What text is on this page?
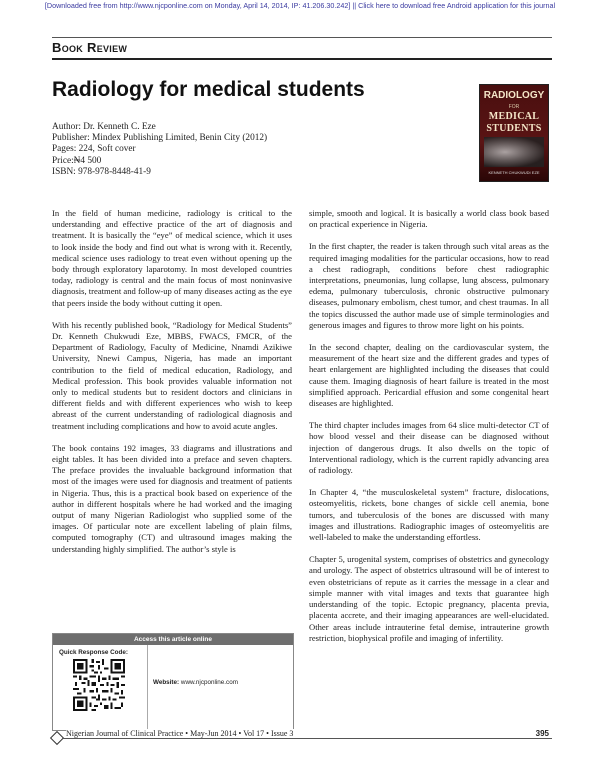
[Downloaded free from http://www.njcponline.com on Monday, April 14, 2014, IP: 41.206.30.242] || Click here to download free Android application for this journal
Book Review
Radiology for medical students	RADIOLOGY
FOR
MEDICAL
STUDENTS
KENNETH CHUKWUDI EZE
Author: Dr. Kenneth C. Eze
Publisher: Mindex Publishing Limited, Benin City (2012)
Pages: 224, Soft cover
Price:₦4 500
ISBN: 978-978-8448-41-9

In the field of human medicine, radiology is critical to the understanding and effective practice of the art of diagnosis and treatment. It is basically the “eye” of medical science, which it uses to look inside the body and find out what is wrong with it. Recently, medical science uses radiology to treat even without opening up the body through exploratory laparotomy. In most developed countries today, radiology is central and the main focus of most noninvasive diagnosis, treatment and follow-up of many diseases acting as the eye that peers inside the body without cutting it open.

With his recently published book, “Radiology for Medical Students” Dr. Kenneth Chukwudi Eze, MBBS, FWACS, FMCR, of the Department of Radiology, Faculty of Medicine, Nnamdi Azikiwe University, Nnewi Campus, Nigeria, has made an important contribution to the field of medical education, Radiology, and Medical profession. This book provides valuable information not only to medical students but to resident doctors and clinicians in different fields and with different experiences who wish to keep abreast of the current understanding of radiological diagnosis and treatment including complications and how to avoid acute angles.

The book contains 192 images, 33 diagrams and illustrations and eight tables. It has been divided into a preface and seven chapters. The preface provides the invaluable background information that most of the images were used for diagnosis and treatment of patients in Nigeria. Thus, this is a practical book based on experience of the author in different hospitals where he had worked and the imaging output of many Nigerian Radiologist who supplied some of the images. Of particular note are excellent labeling of plain films, computed tomography (CT) and ultrasound images making the understanding highly simplified. The author’s style is

simple, smooth and logical. It is basically a world class book based on practical experience in Nigeria.

In the first chapter, the reader is taken through such vital areas as the required imaging modalities for the particular occasions, how to read a chest radiograph, conditions before chest radiographic interpretations, pneumonias, lung collapse, lung abscess, pulmonary edema, pulmonary tuberculosis, chronic obstructive pulmonary diseases, pulmonary embolism, chest tumor, and chest traumas. In all the topics discussed the author made use of simple terminologies and generous images and figures to throw more light on his points.

In the second chapter, dealing on the cardiovascular system, the measurement of the heart size and the different grades and types of heart enlargement are highlighted including the diseases that could cause them. Imaging diagnosis of heart failure is treated in the most simplified approach. Pericardial effusion and some congenital heart diseases are highlighted.

The third chapter includes images from 64 slice multi-detector CT of how blood vessel and their disease can be diagnosed without injection of dangerous drugs. It also dwells on the topic of Interventional radiology, which is the current rapidly advancing area of radiology.

In Chapter 4, “the musculoskeletal system” fracture, dislocations, osteomyelitis, rickets, bone changes of sickle cell anemia, bone tumors, and tuberculosis of the bones are discussed with many images and illustrations. Radiographic images of osteomyelitis are well-labeled to make the understanding effortless.

Chapter 5, urogenital system, comprises of obstetrics and gynecology and urology. The aspect of obstetrics ultrasound will be of interest to even obstetricians of repute as it carries the message in a clear and simple manner with vital images and texts that guarantee high understanding of the topic. Ectopic pregnancy, placenta previa, placenta accrete, and their imaging appearances are well-elucidated. Other areas include intrauterine fetal demise, intrauterine growth restriction, biophysical profile and imaging of infertility.

Access this article online
Quick Response Code:
Website: www.njcponline.com
Nigerian Journal of Clinical Practice • May-Jun 2014 • Vol 17 • Issue 3	395
